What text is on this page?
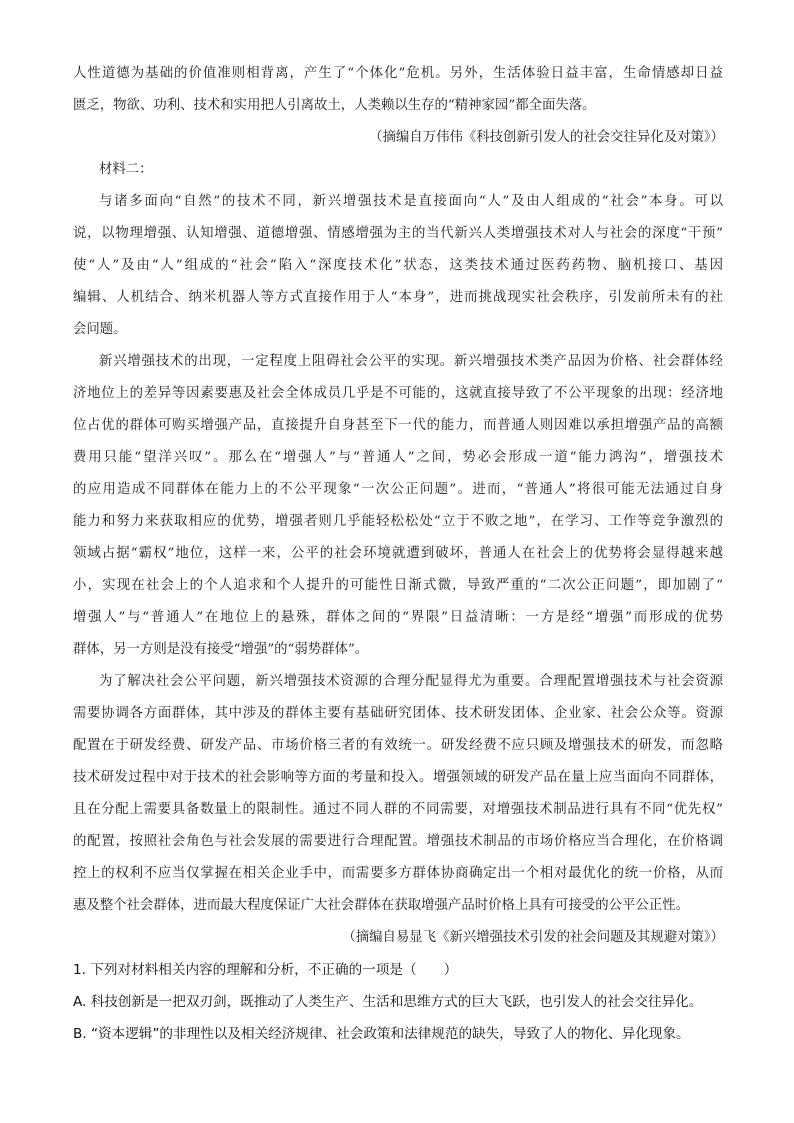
人性道德为基础的价值准则相背离，产生了“个体化”危机。另外，生活体验日益丰富，生命情感却日益
匮乏，物欲、功利、技术和实用把人引离故土，人类赖以生存的“精神家园”都全面失落。
（摘编自万伟伟《科技创新引发人的社会交往异化及对策》）
材料二：
与诸多面向“自然”的技术不同，新兴增强技术是直接面向“人”及由人组成的“社会”本身。可以
说，以物理增强、认知增强、道德增强、情感增强为主的当代新兴人类增强技术对人与社会的深度“干预”
使“人”及由“人”组成的“社会”陷入“深度技术化”状态，这类技术通过医药药物、脑机接口、基因
编辑、人机结合、纳米机器人等方式直接作用于人“本身”，进而挑战现实社会秩序，引发前所未有的社
会问题。
新兴增强技术的出现，一定程度上阻碍社会公平的实现。新兴增强技术类产品因为价格、社会群体经
济地位上的差异等因素要惠及社会全体成员几乎是不可能的，这就直接导致了不公平现象的出现：经济地
位占优的群体可购买增强产品，直接提升自身甚至下一代的能力，而普通人则因难以承担增强产品的高额
费用只能“望洋兴叹”。那么在“增强人”与“普通人”之间，势必会形成一道“能力鸿沟”，增强技术
的应用造成不同群体在能力上的不公平现象“一次公正问题”。进而，“普通人”将很可能无法通过自身
能力和努力来获取相应的优势，增强者则几乎能轻松松处“立于不败之地”，在学习、工作等竞争激烈的
领域占据“霸权”地位，这样一来，公平的社会环境就遭到破坏，普通人在社会上的优势将会显得越来越
小，实现在社会上的个人追求和个人提升的可能性日渐式微，导致严重的“二次公正问题”，即加剧了“
增强人”与“普通人”在地位上的悬殊，群体之间的“界限”日益清晰：一方是经“增强”而形成的优势
群体，另一方则是没有接受“增强”的“弱势群体”。
为了解决社会公平问题，新兴增强技术资源的合理分配显得尤为重要。合理配置增强技术与社会资源
需要协调各方面群体，其中涉及的群体主要有基础研究团体、技术研发团体、企业家、社会公众等。资源
配置在于研发经费、研发产品、市场价格三者的有效统一。研发经费不应只顾及增强技术的研发，而忽略
技术研发过程中对于技术的社会影响等方面的考量和投入。增强领域的研发产品在量上应当面向不同群体，
且在分配上需要具备数量上的限制性。通过不同人群的不同需要，对增强技术制品进行具有不同“优先权”
的配置，按照社会角色与社会发展的需要进行合理配置。增强技术制品的市场价格应当合理化，在价格调
控上的权利不应当仅掌握在相关企业手中，而需要多方群体协商确定出一个相对最优化的统一价格，从而
惠及整个社会群体，进而最大程度保证广大社会群体在获取增强产品时价格上具有可接受的公平公正性。
（摘编自易显飞《新兴增强技术引发的社会问题及其规避对策》）
1. 下列对材料相关内容的理解和分析，不正确的一项是（　　）
A. 科技创新是一把双刃剑，既推动了人类生产、生活和思维方式的巨大飞跃，也引发人的社会交往异化。
B. “资本逻辑”的非理性以及相关经济规律、社会政策和法律规范的缺失，导致了人的物化、异化现象。
